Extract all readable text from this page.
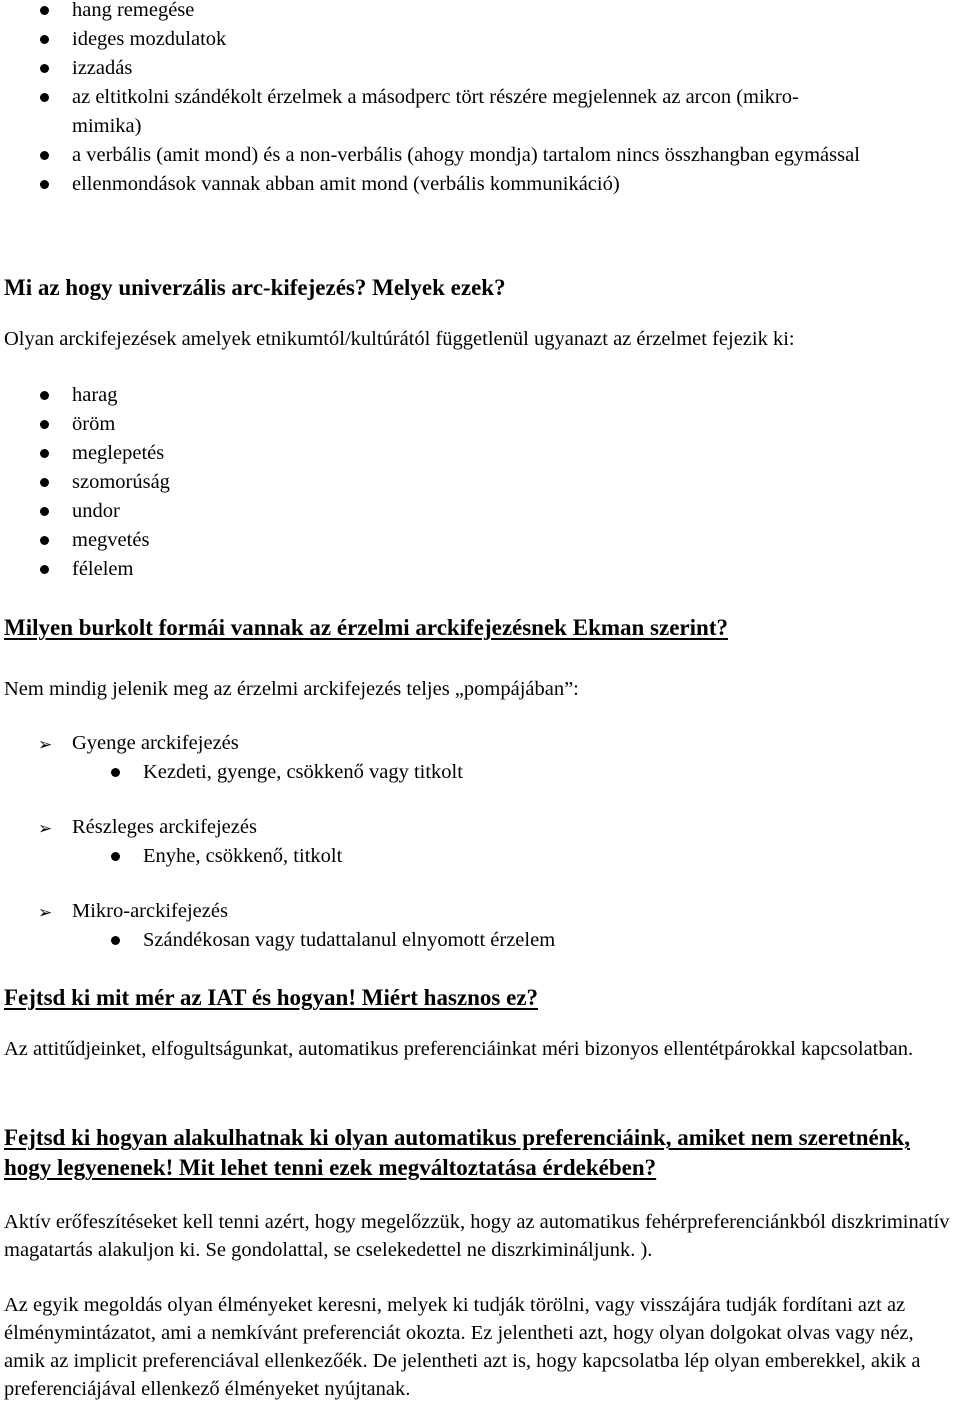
hang remegése
ideges mozdulatok
izzadás
az eltitkolni szándékolt érzelmek a másodperc tört részére megjelennek az arcon (mikro-mimika)
a verbális (amit mond) és a non-verbális (ahogy mondja) tartalom nincs összhangban egymással
ellenmondások vannak abban amit mond (verbális kommunikáció)
Mi az hogy univerzális arc-kifejezés? Melyek ezek?

Olyan arckifejezések amelyek etnikumtól/kultúrától függetlenül ugyanazt az érzelmet fejezik ki:

harag
öröm
meglepetés
szomorúság
undor
megvetés
félelem
Milyen burkolt formái vannak az érzelmi arckifejezésnek Ekman szerint?

Nem mindig jelenik meg az érzelmi arckifejezés teljes „pompájában”:

➢ Gyenge arckifejezés
Kezdeti, gyenge, csökkenő vagy titkolt
➢ Részleges arckifejezés
Enyhe, csökkenő, titkolt
➢ Mikro-arckifejezés
Szándékosan vagy tudattalanul elnyomott érzelem
Fejtsd ki mit mér az IAT és hogyan! Miért hasznos ez?

Az attitűdjeinket, elfogultságunkat, automatikus preferenciáinkat méri bizonyos ellentétpárokkal kapcsolatban.

Fejtsd ki hogyan alakulhatnak ki olyan automatikus preferenciáink, amiket nem szeretnénk, hogy legyenenek! Mit lehet tenni ezek megváltoztatása érdekében?

Aktív erőfeszítéseket kell tenni azért, hogy megelőzzük, hogy az automatikus fehérpreferenciánkból diszkriminatív magatartás alakuljon ki. Se gondolattal, se cselekedettel ne diszrkimináljunk. ).

Az egyik megoldás olyan élményeket keresni, melyek ki tudják törölni, vagy visszájára tudják fordítani azt az élménymintázatot, ami a nemkívánt preferenciát okozta. Ez jelentheti azt, hogy olyan dolgokat olvas vagy néz, amik az implicit preferenciával ellenkezőék. De jelentheti azt is, hogy kapcsolatba lép olyan emberekkel, akik a preferenciájával ellenkező élményeket nyújtanak.
